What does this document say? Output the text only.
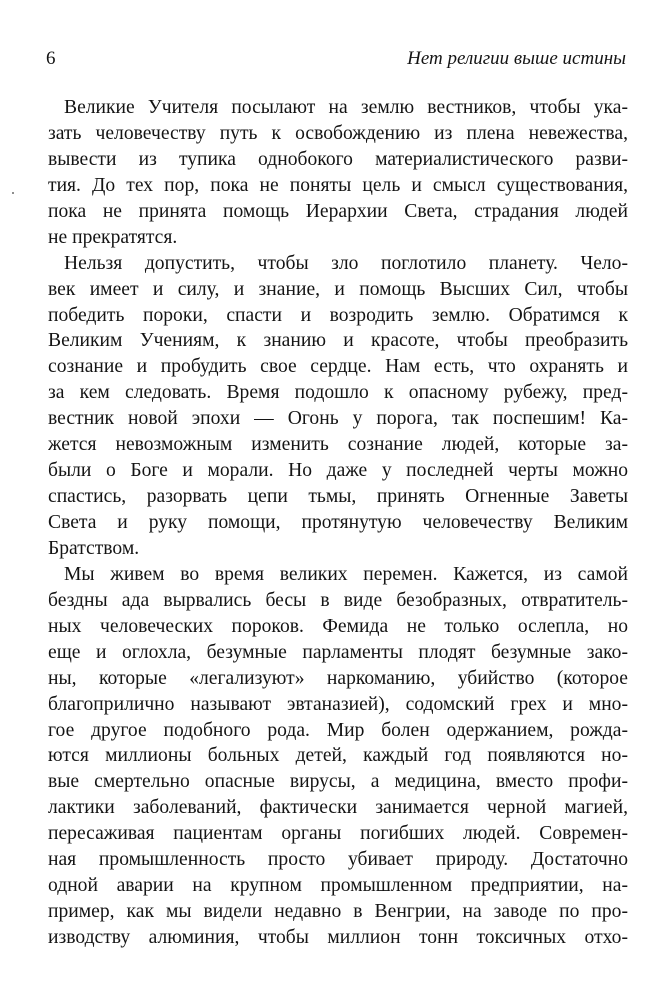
6	Нет религии выше истины
Великие Учителя посылают на землю вестников, чтобы ука-
зать человечеству путь к освобождению из плена невежества,
вывести из тупика однобокого материалистического разви-
тия. До тех пор, пока не поняты цель и смысл существования,
пока не принята помощь Иерархии Света, страдания людей
не прекратятся.
Нельзя допустить, чтобы зло поглотило планету. Чело-
век имеет и силу, и знание, и помощь Высших Сил, чтобы
победить пороки, спасти и возродить землю. Обратимся к
Великим Учениям, к знанию и красоте, чтобы преобразить
сознание и пробудить свое сердце. Нам есть, что охранять и
за кем следовать. Время подошло к опасному рубежу, пред-
вестник новой эпохи — Огонь у порога, так поспешим! Ка-
жется невозможным изменить сознание людей, которые за-
были о Боге и морали. Но даже у последней черты можно
спастись, разорвать цепи тьмы, принять Огненные Заветы
Света и руку помощи, протянутую человечеству Великим
Братством.
Мы живем во время великих перемен. Кажется, из самой
бездны ада вырвались бесы в виде безобразных, отвратитель-
ных человеческих пороков. Фемида не только ослепла, но
еще и оглохла, безумные парламенты плодят безумные зако-
ны, которые «легализуют» наркоманию, убийство (которое
благоприлично называют эвтаназией), содомский грех и мно-
гое другое подобного рода. Мир болен одержанием, рожда-
ются миллионы больных детей, каждый год появляются но-
вые смертельно опасные вирусы, а медицина, вместо профи-
лактики заболеваний, фактически занимается черной магией,
пересаживая пациентам органы погибших людей. Современ-
ная промышленность просто убивает природу. Достаточно
одной аварии на крупном промышленном предприятии, на-
пример, как мы видели недавно в Венгрии, на заводе по про-
изводству алюминия, чтобы миллион тонн токсичных отхо-
